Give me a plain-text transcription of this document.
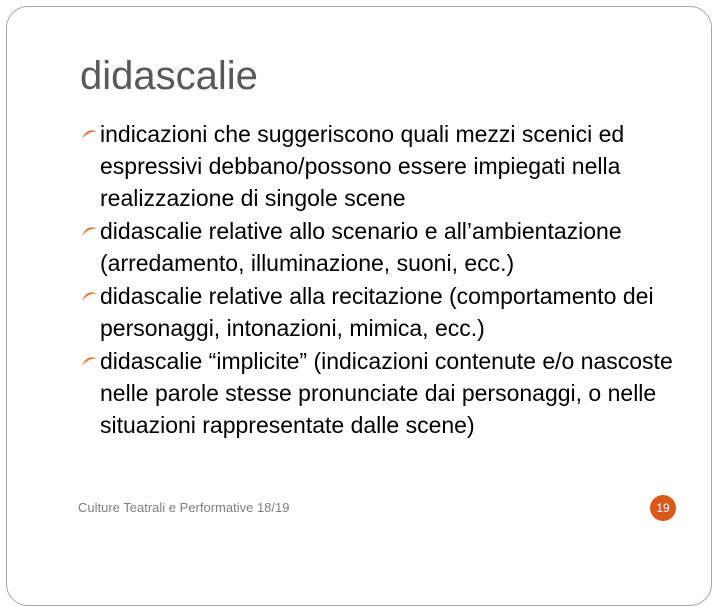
didascalie
indicazioni che suggeriscono quali mezzi scenici ed espressivi debbano/possono essere impiegati nella realizzazione di singole scene
didascalie relative allo scenario e all’ambientazione (arredamento, illuminazione, suoni, ecc.)
didascalie relative alla recitazione (comportamento dei personaggi, intonazioni, mimica, ecc.)
didascalie “implicite” (indicazioni contenute e/o nascoste nelle parole stesse pronunciate dai personaggi, o nelle situazioni rappresentate dalle scene)
Culture Teatrali e Performative 18/19	19
